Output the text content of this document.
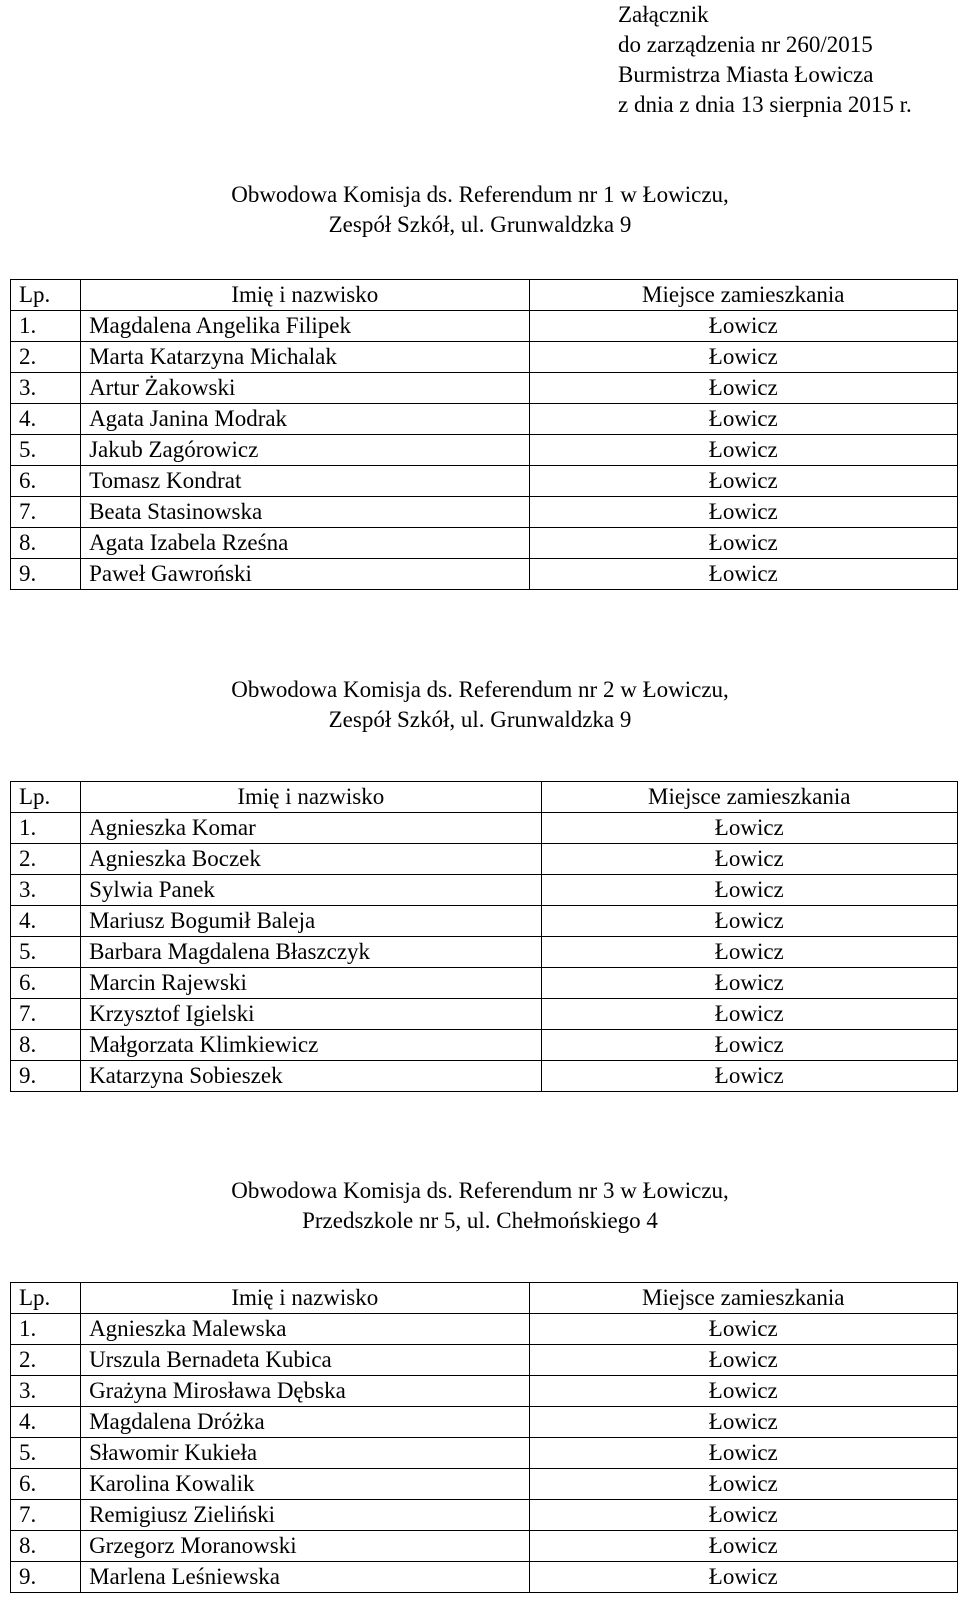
Załącznik
do zarządzenia nr 260/2015
Burmistrza Miasta Łowicza
z dnia z dnia 13 sierpnia 2015 r.
Obwodowa Komisja ds. Referendum nr 1 w Łowiczu,
Zespół Szkół, ul. Grunwaldzka 9
Lp.	Imię i nazwisko	Miejsce zamieszkania
1.	Magdalena Angelika Filipek	Łowicz
2.	Marta Katarzyna Michalak	Łowicz
3.	Artur Żakowski	Łowicz
4.	Agata Janina Modrak	Łowicz
5.	Jakub Zagórowicz	Łowicz
6.	Tomasz Kondrat	Łowicz
7.	Beata Stasinowska	Łowicz
8.	Agata Izabela Rześna	Łowicz
9.	Paweł Gawroński	Łowicz
Obwodowa Komisja ds. Referendum nr 2 w Łowiczu,
Zespół Szkół, ul. Grunwaldzka 9
Lp.	Imię i nazwisko	Miejsce zamieszkania
1.	Agnieszka Komar	Łowicz
2.	Agnieszka Boczek	Łowicz
3.	Sylwia Panek	Łowicz
4.	Mariusz Bogumił Baleja	Łowicz
5.	Barbara Magdalena Błaszczyk	Łowicz
6.	Marcin Rajewski	Łowicz
7.	Krzysztof Igielski	Łowicz
8.	Małgorzata Klimkiewicz	Łowicz
9.	Katarzyna Sobieszek	Łowicz
Obwodowa Komisja ds. Referendum nr 3 w Łowiczu,
Przedszkole nr 5, ul. Chełmońskiego 4
Lp.	Imię i nazwisko	Miejsce zamieszkania
1.	Agnieszka Malewska	Łowicz
2.	Urszula Bernadeta Kubica	Łowicz
3.	Grażyna Mirosława Dębska	Łowicz
4.	Magdalena Dróżka	Łowicz
5.	Sławomir Kukieła	Łowicz
6.	Karolina Kowalik	Łowicz
7.	Remigiusz Zieliński	Łowicz
8.	Grzegorz Moranowski	Łowicz
9.	Marlena Leśniewska	Łowicz
